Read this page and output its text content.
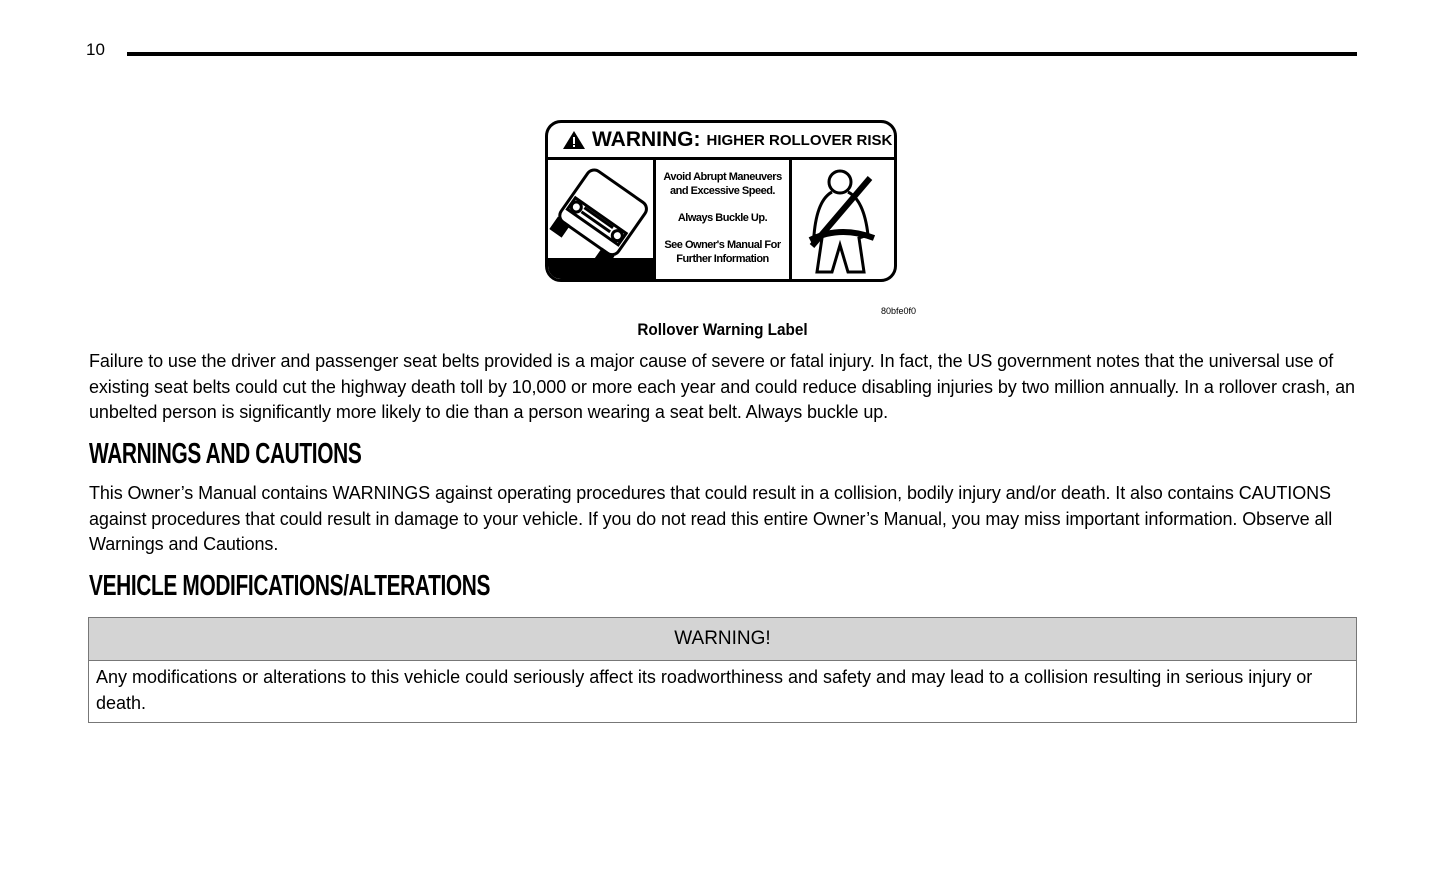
10
WARNING: HIGHER ROLLOVER RISK

Avoid Abrupt Maneuvers and Excessive Speed.

Always Buckle Up.

See Owner's Manual For Further Information

80bfe0f0
Rollover Warning Label
Failure to use the driver and passenger seat belts provided is a major cause of severe or fatal injury. In fact, the US government notes that the universal use of existing seat belts could cut the highway death toll by 10,000 or more each year and could reduce disabling injuries by two million annually. In a rollover crash, an unbelted person is significantly more likely to die than a person wearing a seat belt. Always buckle up.
WARNINGS AND CAUTIONS
This Owner’s Manual contains WARNINGS against operating procedures that could result in a collision, bodily injury and/or death. It also contains CAUTIONS against procedures that could result in damage to your vehicle. If you do not read this entire Owner’s Manual, you may miss important information. Observe all Warnings and Cautions.
VEHICLE MODIFICATIONS/ALTERATIONS
WARNING!
Any modifications or alterations to this vehicle could seriously affect its roadworthiness and safety and may lead to a collision resulting in serious injury or death.
